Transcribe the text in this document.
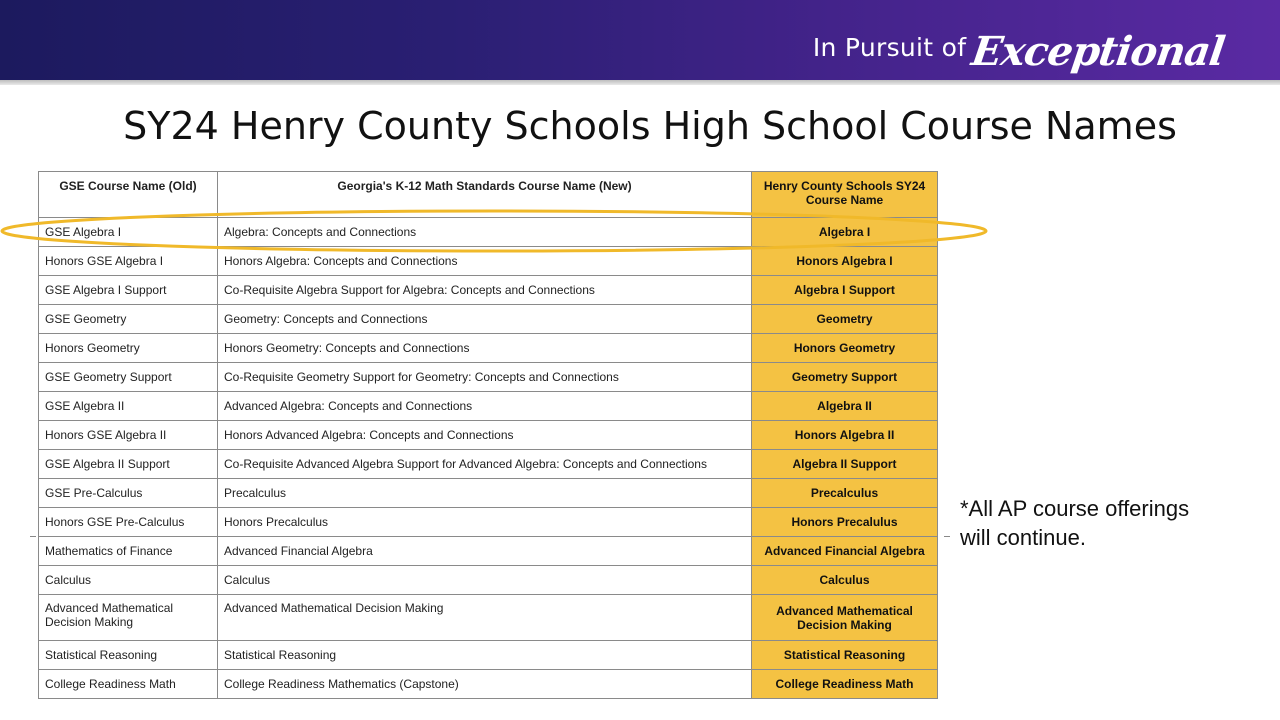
In Pursuit of Exceptional
SY24 Henry County Schools High School Course Names
GSE Course Name (Old)	Georgia's K-12 Math Standards Course Name (New)	Henry County Schools SY24 Course Name
GSE Algebra I	Algebra: Concepts and Connections	Algebra I
Honors GSE Algebra I	Honors Algebra: Concepts and Connections	Honors Algebra I
GSE Algebra I Support	Co-Requisite Algebra Support for Algebra: Concepts and Connections	Algebra I Support
GSE Geometry	Geometry: Concepts and Connections	Geometry
Honors Geometry	Honors Geometry: Concepts and Connections	Honors Geometry
GSE Geometry Support	Co-Requisite Geometry Support for Geometry: Concepts and Connections	Geometry Support
GSE Algebra II	Advanced Algebra: Concepts and Connections	Algebra II
Honors GSE Algebra II	Honors Advanced Algebra: Concepts and Connections	Honors Algebra II
GSE Algebra II Support	Co-Requisite Advanced Algebra Support for Advanced Algebra: Concepts and Connections	Algebra II Support
GSE Pre-Calculus	Precalculus	Precalculus
Honors GSE Pre-Calculus	Honors Precalculus	Honors Precalulus
Mathematics of Finance	Advanced Financial Algebra	Advanced Financial Algebra
Calculus	Calculus	Calculus
Advanced Mathematical Decision Making	Advanced Mathematical Decision Making	Advanced Mathematical Decision Making
Statistical Reasoning	Statistical Reasoning	Statistical Reasoning
College Readiness Math	College Readiness Mathematics (Capstone)	College Readiness Math
*All AP course offerings will continue.
